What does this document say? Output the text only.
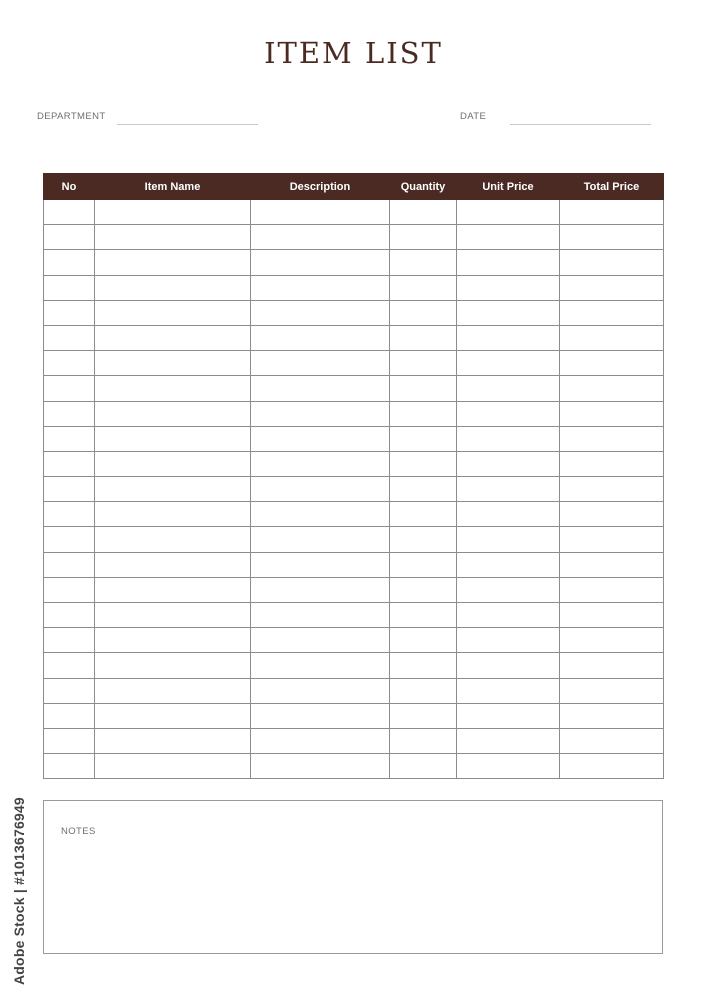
ITEM LIST
DEPARTMENT	DATE
No	Item Name	Description	Quantity	Unit Price	Total Price

NOTES
Adobe Stock | #1013676949
